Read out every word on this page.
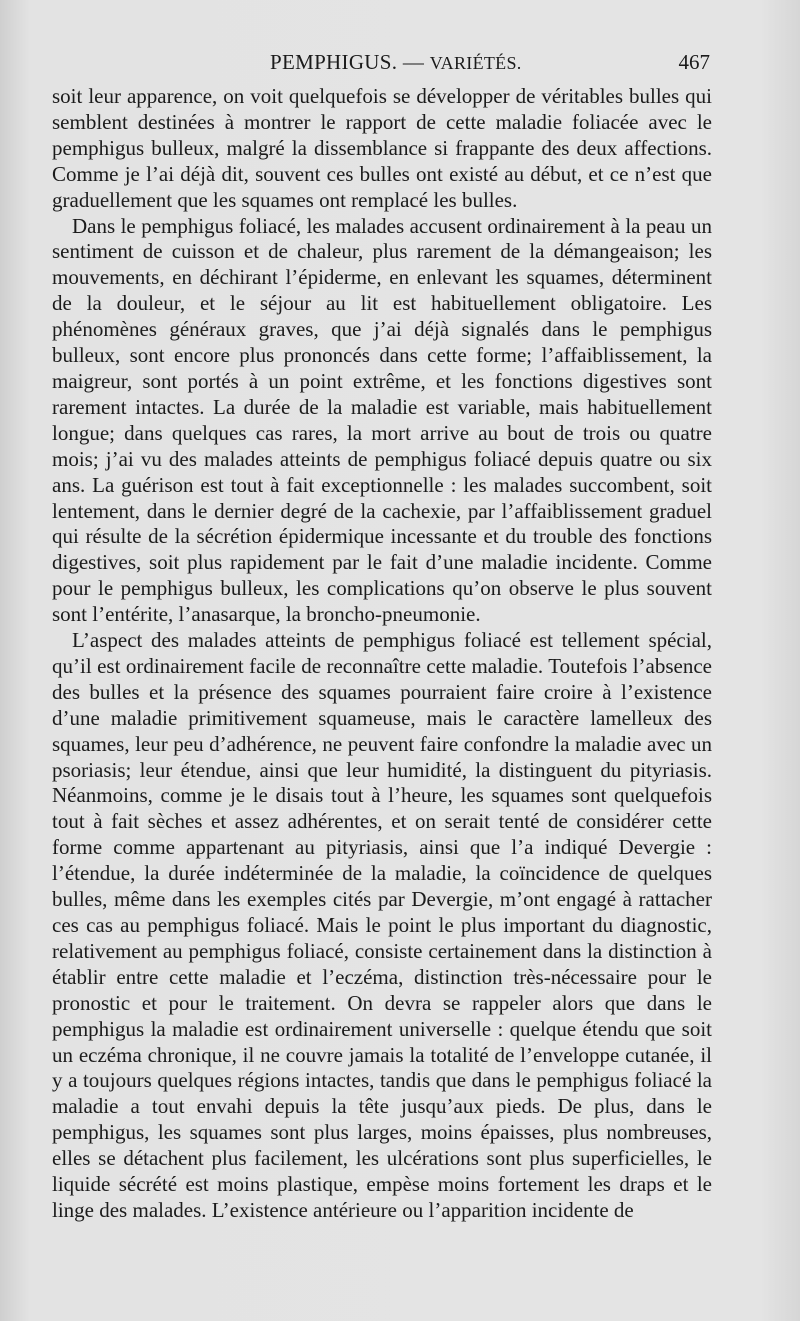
PEMPHIGUS. — VARIÉTÉS.	467

soit leur apparence, on voit quelquefois se développer de véritables bulles qui semblent destinées à montrer le rapport de cette maladie foliacée avec le pemphigus bulleux, malgré la dissemblance si frappante des deux affections. Comme je l’ai déjà dit, souvent ces bulles ont existé au début, et ce n’est que graduellement que les squames ont remplacé les bulles.

Dans le pemphigus foliacé, les malades accusent ordinairement à la peau un sentiment de cuisson et de chaleur, plus rarement de la démangeaison; les mouvements, en déchirant l’épiderme, en enlevant les squames, déterminent de la douleur, et le séjour au lit est habituellement obligatoire. Les phénomènes généraux graves, que j’ai déjà signalés dans le pemphigus bulleux, sont encore plus prononcés dans cette forme; l’affaiblissement, la maigreur, sont portés à un point extrême, et les fonctions digestives sont rarement intactes. La durée de la maladie est variable, mais habituellement longue; dans quelques cas rares, la mort arrive au bout de trois ou quatre mois; j’ai vu des malades atteints de pemphigus foliacé depuis quatre ou six ans. La guérison est tout à fait exceptionnelle : les malades succombent, soit lentement, dans le dernier degré de la cachexie, par l’affaiblissement graduel qui résulte de la sécrétion épidermique incessante et du trouble des fonctions digestives, soit plus rapidement par le fait d’une maladie incidente. Comme pour le pemphigus bulleux, les complications qu’on observe le plus souvent sont l’entérite, l’anasarque, la broncho-pneumonie.

L’aspect des malades atteints de pemphigus foliacé est tellement spécial, qu’il est ordinairement facile de reconnaître cette maladie. Toutefois l’absence des bulles et la présence des squames pourraient faire croire à l’existence d’une maladie primitivement squameuse, mais le caractère lamelleux des squames, leur peu d’adhérence, ne peuvent faire confondre la maladie avec un psoriasis; leur étendue, ainsi que leur humidité, la distinguent du pityriasis. Néanmoins, comme je le disais tout à l’heure, les squames sont quelquefois tout à fait sèches et assez adhérentes, et on serait tenté de considérer cette forme comme appartenant au pityriasis, ainsi que l’a indiqué Devergie : l’étendue, la durée indéterminée de la maladie, la coïncidence de quelques bulles, même dans les exemples cités par Devergie, m’ont engagé à rattacher ces cas au pemphigus foliacé. Mais le point le plus important du diagnostic, relativement au pemphigus foliacé, consiste certainement dans la distinction à établir entre cette maladie et l’eczéma, distinction très-nécessaire pour le pronostic et pour le traitement. On devra se rappeler alors que dans le pemphigus la maladie est ordinairement universelle : quelque étendu que soit un eczéma chronique, il ne couvre jamais la totalité de l’enveloppe cutanée, il y a toujours quelques régions intactes, tandis que dans le pemphigus foliacé la maladie a tout envahi depuis la tête jusqu’aux pieds. De plus, dans le pemphigus, les squames sont plus larges, moins épaisses, plus nombreuses, elles se détachent plus facilement, les ulcérations sont plus superficielles, le liquide sécrété est moins plastique, empèse moins fortement les draps et le linge des malades. L’existence antérieure ou l’apparition incidente de
